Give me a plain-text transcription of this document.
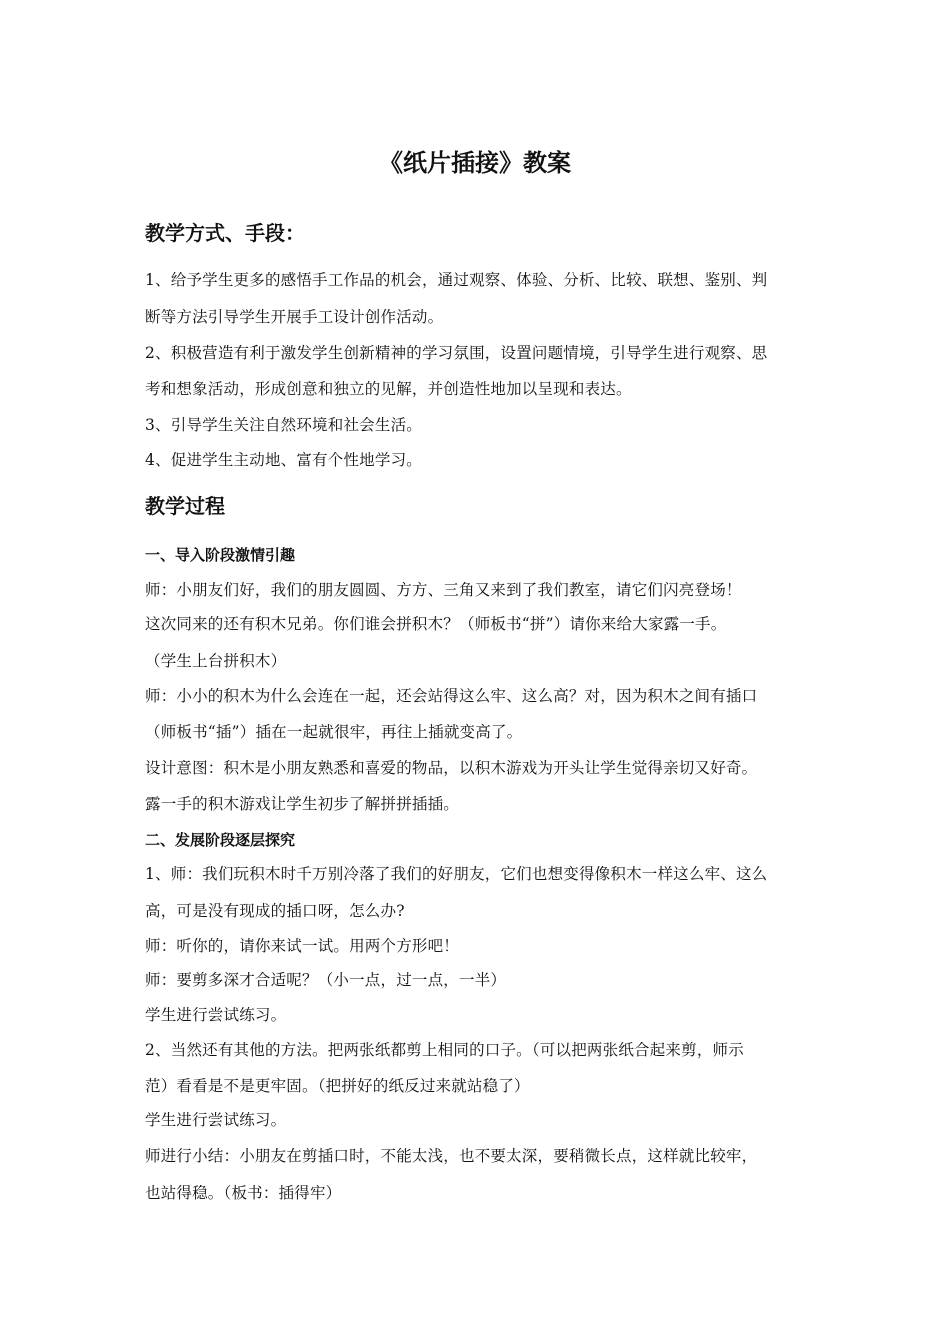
《纸片插接》教案
教学方式、手段：
1、给予学生更多的感悟手工作品的机会，通过观察、体验、分析、比较、联想、鉴别、判
断等方法引导学生开展手工设计创作活动。
2、积极营造有利于激发学生创新精神的学习氛围，设置问题情境，引导学生进行观察、思
考和想象活动，形成创意和独立的见解，并创造性地加以呈现和表达。
3、引导学生关注自然环境和社会生活。
4、促进学生主动地、富有个性地学习。
教学过程
一、导入阶段激情引趣
师：小朋友们好，我们的朋友圆圆、方方、三角又来到了我们教室，请它们闪亮登场！
这次同来的还有积木兄弟。你们谁会拼积木？（师板书“拼”）请你来给大家露一手。
（学生上台拼积木）
师：小小的积木为什么会连在一起，还会站得这么牢、这么高？对，因为积木之间有插口
（师板书“插”）插在一起就很牢，再往上插就变高了。
设计意图：积木是小朋友熟悉和喜爱的物品，以积木游戏为开头让学生觉得亲切又好奇。
露一手的积木游戏让学生初步了解拼拼插插。
二、发展阶段逐层探究
1、师：我们玩积木时千万别冷落了我们的好朋友，它们也想变得像积木一样这么牢、这么
高，可是没有现成的插口呀，怎么办?
师：听你的，请你来试一试。用两个方形吧！
师：要剪多深才合适呢？（小一点，过一点，一半）
学生进行尝试练习。
2、当然还有其他的方法。把两张纸都剪上相同的口子。（可以把两张纸合起来剪，师示
范）看看是不是更牢固。（把拼好的纸反过来就站稳了）
学生进行尝试练习。
师进行小结：小朋友在剪插口时，不能太浅，也不要太深，要稍微长点，这样就比较牢，
也站得稳。（板书：插得牢）
